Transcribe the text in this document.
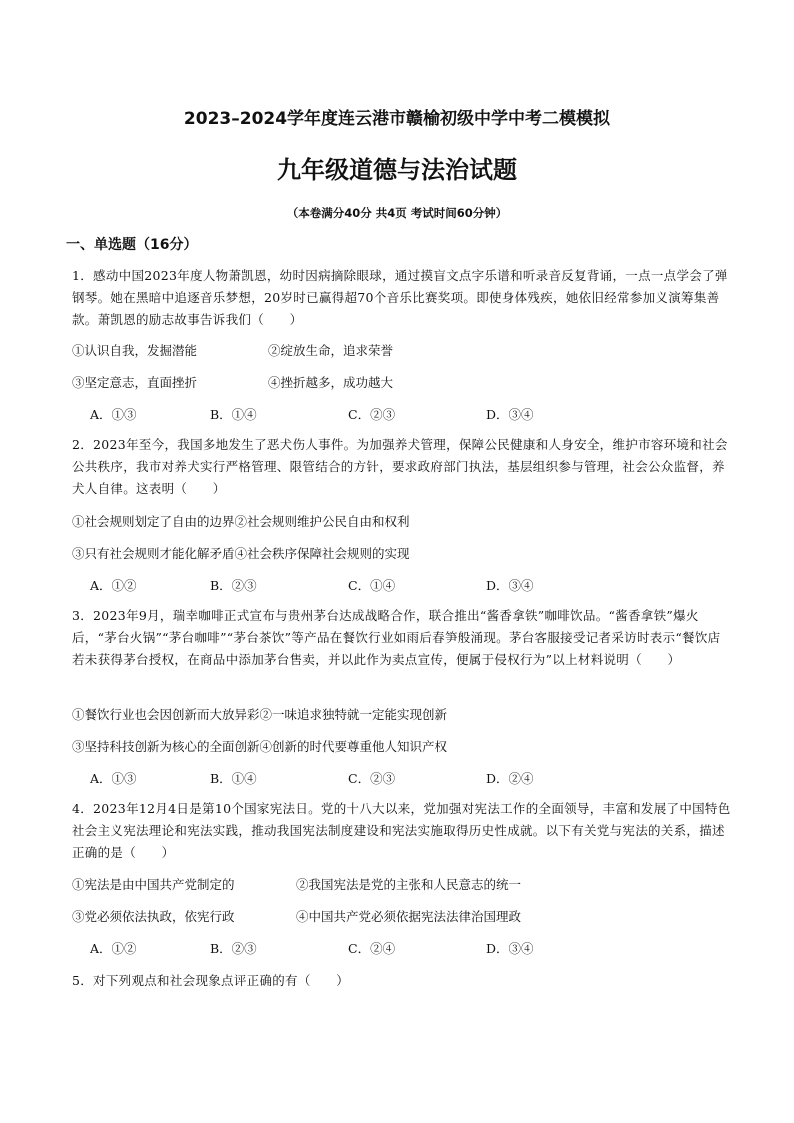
2023–2024学年度连云港市赣榆初级中学中考二模模拟
九年级道德与法治试题
（本卷满分40分 共4页 考试时间60分钟）
一、单选题（16分）
1．感动中国2023年度人物萧凯恩，幼时因病摘除眼球，通过摸盲文点字乐谱和听录音反复背诵，一点一点学会了弹钢琴。她在黑暗中追逐音乐梦想，20岁时已赢得超70个音乐比赛奖项。即使身体残疾，她依旧经常参加义演筹集善款。萧凯恩的励志故事告诉我们（　　）
①认识自我，发掘潜能	②绽放生命，追求荣誉
③坚定意志，直面挫折	④挫折越多，成功越大
A．①③	B．①④	C．②③	D．③④
2．2023年至今，我国多地发生了恶犬伤人事件。为加强养犬管理，保障公民健康和人身安全，维护市容环境和社会公共秩序，我市对养犬实行严格管理、限管结合的方针，要求政府部门执法，基层组织参与管理，社会公众监督，养犬人自律。这表明（　　）
①社会规则划定了自由的边界②社会规则维护公民自由和权利
③只有社会规则才能化解矛盾④社会秩序保障社会规则的实现
A．①②	B．②③	C．①④	D．③④
3．2023年9月，瑞幸咖啡正式宣布与贵州茅台达成战略合作，联合推出“酱香拿铁”咖啡饮品。“酱香拿铁”爆火后，“茅台火锅”“茅台咖啡”“茅台茶饮”等产品在餐饮行业如雨后春笋般涌现。茅台客服接受记者采访时表示“餐饮店若未获得茅台授权，在商品中添加茅台售卖，并以此作为卖点宣传，便属于侵权行为”以上材料说明（　　）
①餐饮行业也会因创新而大放异彩②一味追求独特就一定能实现创新
③坚持科技创新为核心的全面创新④创新的时代要尊重他人知识产权
A．①③	B．①④	C．②③	D．②④
4．2023年12月4日是第10个国家宪法日。党的十八大以来，党加强对宪法工作的全面领导，丰富和发展了中国特色社会主义宪法理论和宪法实践，推动我国宪法制度建设和宪法实施取得历史性成就。以下有关党与宪法的关系，描述正确的是（　　）
①宪法是由中国共产党制定的	②我国宪法是党的主张和人民意志的统一
③党必须依法执政，依宪行政	④中国共产党必须依据宪法法律治国理政
A．①②	B．②③	C．②④	D．③④
5．对下列观点和社会现象点评正确的有（　　）
